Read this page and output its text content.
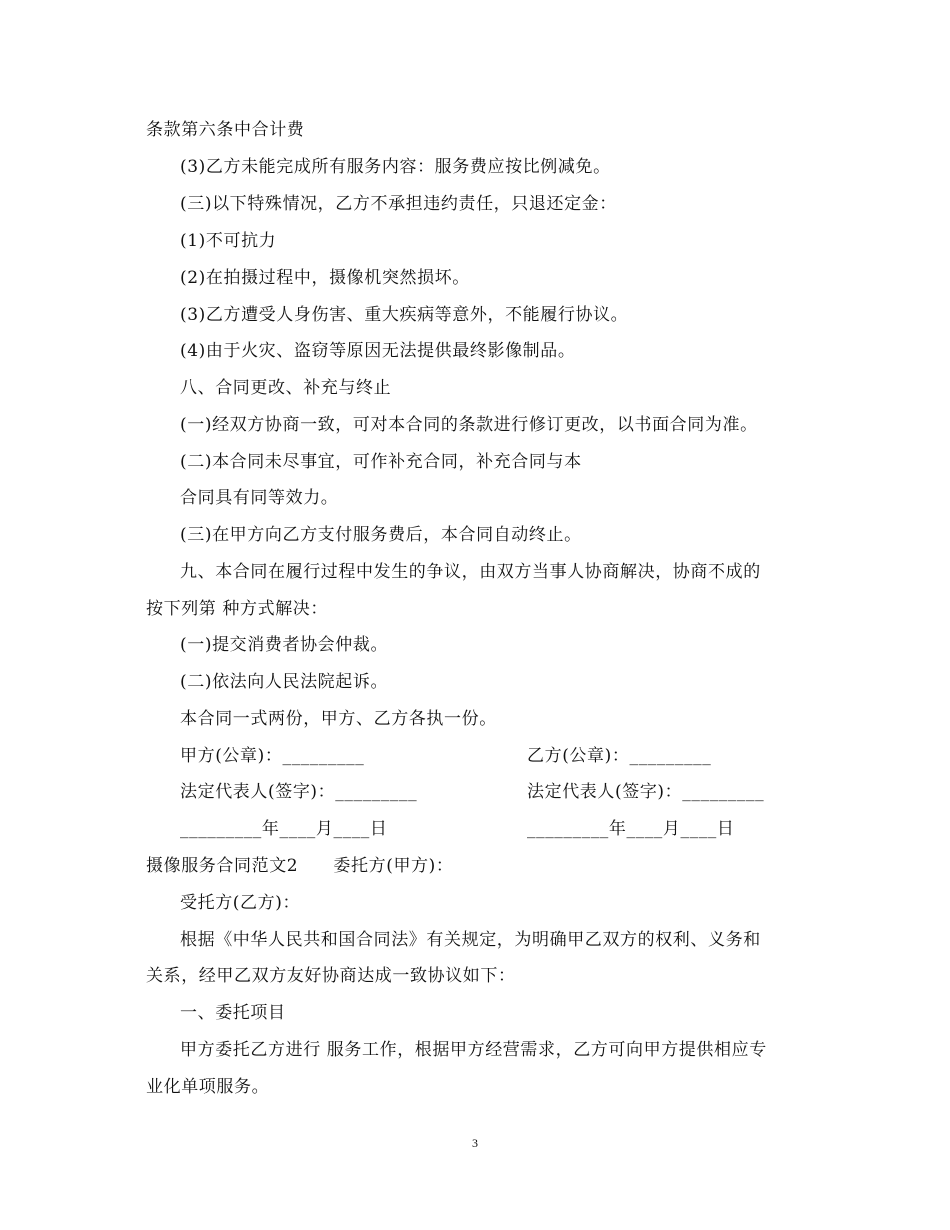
条款第六条中合计费
(3)乙方未能完成所有服务内容：服务费应按比例减免。
(三)以下特殊情况，乙方不承担违约责任，只退还定金：
(1)不可抗力
(2)在拍摄过程中，摄像机突然损坏。
(3)乙方遭受人身伤害、重大疾病等意外，不能履行协议。
(4)由于火灾、盗窃等原因无法提供最终影像制品。
八、合同更改、补充与终止
(一)经双方协商一致，可对本合同的条款进行修订更改，以书面合同为准。
(二)本合同未尽事宜，可作补充合同，补充合同与本
合同具有同等效力。
(三)在甲方向乙方支付服务费后，本合同自动终止。
九、本合同在履行过程中发生的争议，由双方当事人协商解决，协商不成的
按下列第 种方式解决：
(一)提交消费者协会仲裁。
(二)依法向人民法院起诉。
本合同一式两份，甲方、乙方各执一份。
甲方(公章)：_________	乙方(公章)：_________
法定代表人(签字)：_________	法定代表人(签字)：_________
_________年____月____日	_________年____月____日
摄像服务合同范文2　　委托方(甲方)：
受托方(乙方)：
根据《中华人民共和国合同法》有关规定，为明确甲乙双方的权利、义务和
关系，经甲乙双方友好协商达成一致协议如下：
一、委托项目
甲方委托乙方进行 服务工作，根据甲方经营需求，乙方可向甲方提供相应专
业化单项服务。
3
